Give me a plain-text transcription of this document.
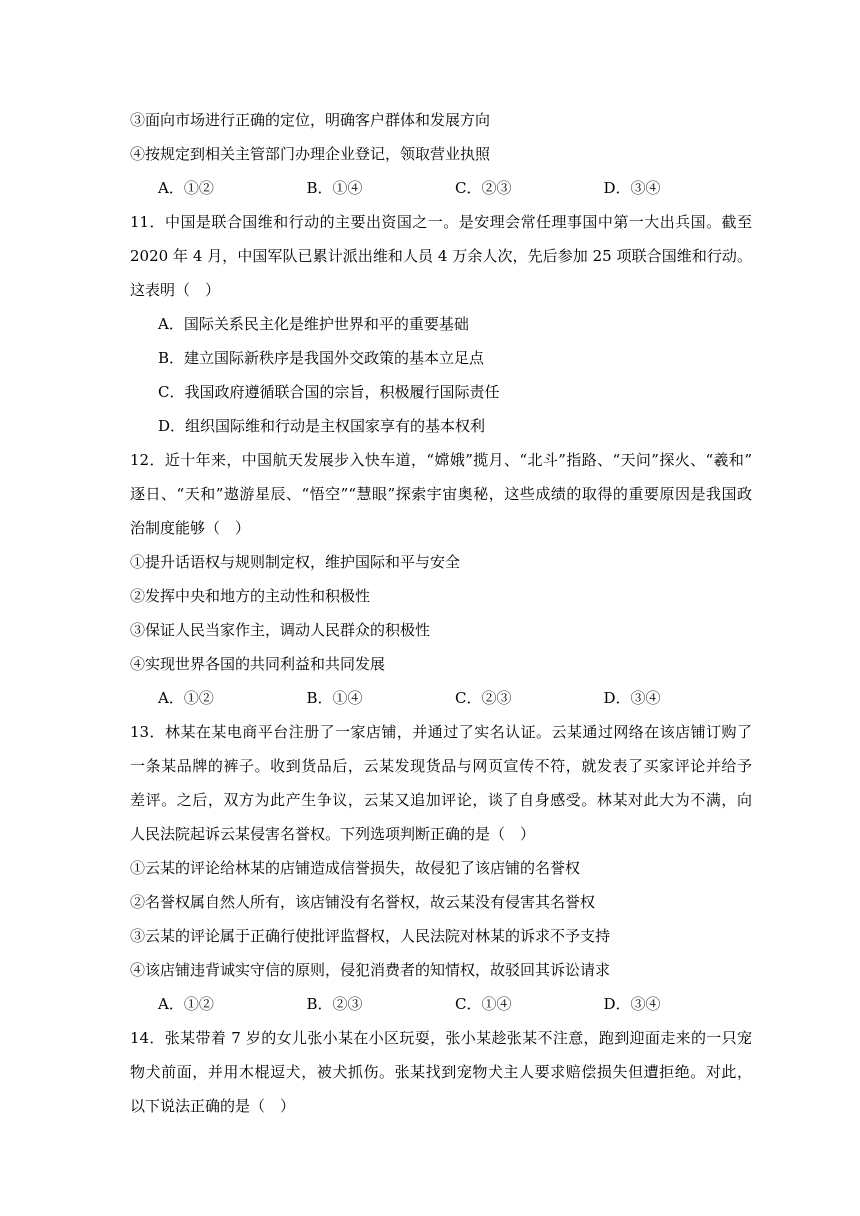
③面向市场进行正确的定位，明确客户群体和发展方向

④按规定到相关主管部门办理企业登记，领取营业执照

A．①②	B．①④	C．②③	D．③④

11．中国是联合国维和行动的主要出资国之一。是安理会常任理事国中第一大出兵国。截至

2020 年 4 月，中国军队已累计派出维和人员 4 万余人次，先后参加 25 项联合国维和行动。

这表明（　）

A．国际关系民主化是维护世界和平的重要基础

B．建立国际新秩序是我国外交政策的基本立足点

C．我国政府遵循联合国的宗旨，积极履行国际责任

D．组织国际维和行动是主权国家享有的基本权利

12．近十年来，中国航天发展步入快车道，“嫦娥”揽月、“北斗”指路、“天问”探火、“羲和”

逐日、“天和”遨游星辰、“悟空”“慧眼”探索宇宙奥秘，这些成绩的取得的重要原因是我国政

治制度能够（　）

①提升话语权与规则制定权，维护国际和平与安全

②发挥中央和地方的主动性和积极性

③保证人民当家作主，调动人民群众的积极性

④实现世界各国的共同利益和共同发展

A．①②	B．①④	C．②③	D．③④

13．林某在某电商平台注册了一家店铺，并通过了实名认证。云某通过网络在该店铺订购了

一条某品牌的裤子。收到货品后，云某发现货品与网页宣传不符，就发表了买家评论并给予

差评。之后，双方为此产生争议，云某又追加评论，谈了自身感受。林某对此大为不满，向

人民法院起诉云某侵害名誉权。下列选项判断正确的是（　）

①云某的评论给林某的店铺造成信誉损失，故侵犯了该店铺的名誉权

②名誉权属自然人所有，该店铺没有名誉权，故云某没有侵害其名誉权

③云某的评论属于正确行使批评监督权，人民法院对林某的诉求不予支持

④该店铺违背诚实守信的原则，侵犯消费者的知情权，故驳回其诉讼请求

A．①②	B．②③	C．①④	D．③④

14．张某带着 7 岁的女儿张小某在小区玩耍，张小某趁张某不注意，跑到迎面走来的一只宠

物犬前面，并用木棍逗犬，被犬抓伤。张某找到宠物犬主人要求赔偿损失但遭拒绝。对此，

以下说法正确的是（　）
